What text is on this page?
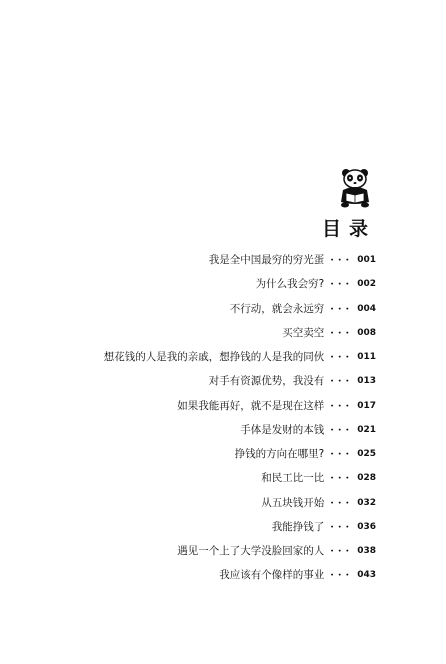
目录
我是全中国最穷的穷光蛋 ··· 001
为什么我会穷? ··· 002
不行动，就会永远穷 ··· 004
买空卖空 ··· 008
想花钱的人是我的亲戚，想挣钱的人是我的同伙 ··· 011
对手有资源优势，我没有 ··· 013
如果我能再好，就不是现在这样 ··· 017
手体是发财的本钱 ··· 021
挣钱的方向在哪里? ··· 025
和民工比一比 ··· 028
从五块钱开始 ··· 032
我能挣钱了 ··· 036
遇见一个上了大学没脸回家的人 ··· 038
我应该有个像样的事业 ··· 043
